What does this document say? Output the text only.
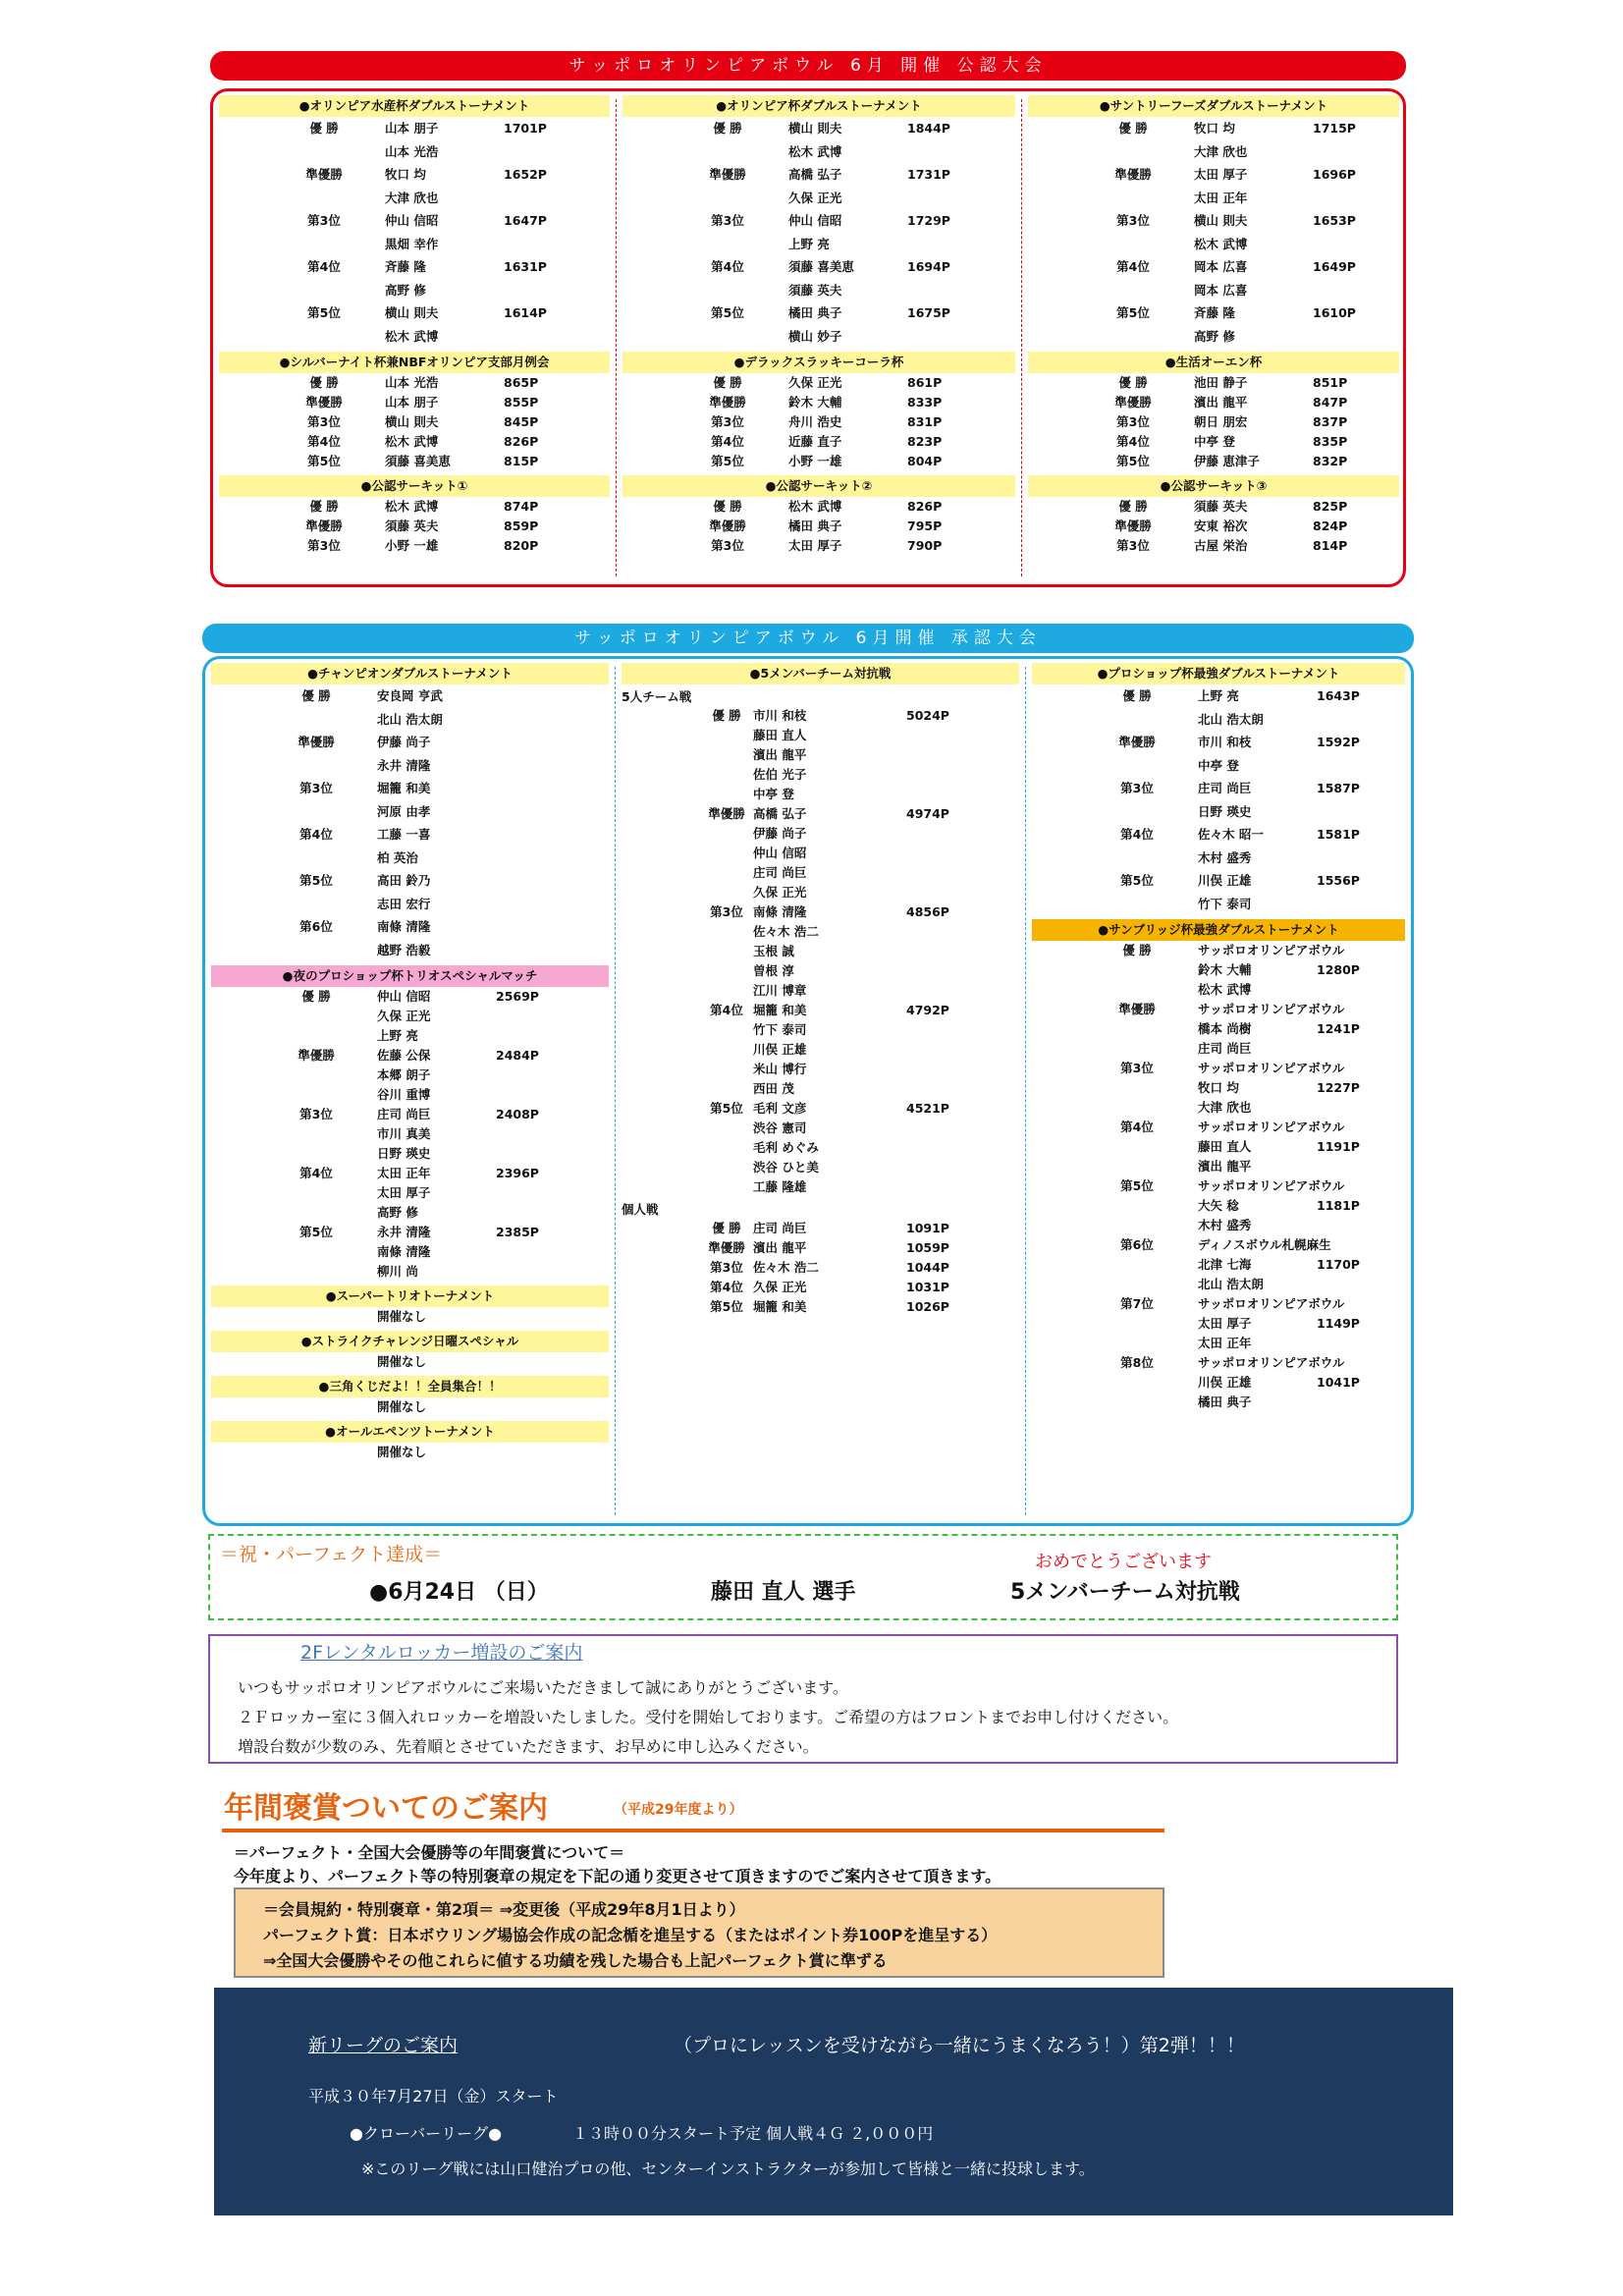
サッポロオリンピアボウル 6月 開催 公認大会
●オリンピア水産杯ダブルストーナメント
優 勝	山本 朋子	1701P
山本 光浩
準優勝	牧口 均	1652P
大津 欣也
第3位	仲山 信昭	1647P
黒畑 幸作
第4位	斉藤 隆	1631P
高野 修
第5位	横山 則夫	1614P
松木 武博
●シルバーナイト杯兼NBFオリンピア支部月例会
優 勝	山本 光浩	865P
準優勝	山本 朋子	855P
第3位	横山 則夫	845P
第4位	松木 武博	826P
第5位	須藤 喜美恵	815P
●公認サーキット①
優 勝	松木 武博	874P
準優勝	須藤 英夫	859P
第3位	小野 一雄	820P
●オリンピア杯ダブルストーナメント
優 勝	横山 則夫	1844P
松木 武博
準優勝	高橋 弘子	1731P
久保 正光
第3位	仲山 信昭	1729P
上野 亮
第4位	須藤 喜美恵	1694P
須藤 英夫
第5位	橘田 典子	1675P
横山 妙子
●デラックスラッキーコーラ杯
優 勝	久保 正光	861P
準優勝	鈴木 大輔	833P
第3位	舟川 浩史	831P
第4位	近藤 直子	823P
第5位	小野 一雄	804P
●公認サーキット②
優 勝	松木 武博	826P
準優勝	橘田 典子	795P
第3位	太田 厚子	790P
●サントリーフーズダブルストーナメント
優 勝	牧口 均	1715P
大津 欣也
準優勝	太田 厚子	1696P
太田 正年
第3位	横山 則夫	1653P
松木 武博
第4位	岡本 広喜	1649P
岡本 広喜
第5位	斉藤 隆	1610P
高野 修
●生活オーエン杯
優 勝	池田 静子	851P
準優勝	濱出 龍平	847P
第3位	朝日 朋宏	837P
第4位	中亭 登	835P
第5位	伊藤 恵津子	832P
●公認サーキット③
優 勝	須藤 英夫	825P
準優勝	安東 裕次	824P
第3位	古屋 栄治	814P
サッポロオリンピアボウル 6月開催 承認大会
●チャンピオンダブルストーナメント
優 勝	安良岡 亨武
北山 浩太朗
準優勝	伊藤 尚子
永井 清隆
第3位	堀籠 和美
河原 由孝
第4位	工藤 一喜
柏 英治
第5位	高田 鈴乃
志田 宏行
第6位	南條 清隆
越野 浩毅
●夜のプロショップ杯トリオスペシャルマッチ
優 勝	仲山 信昭	2569P
久保 正光
上野 亮
準優勝	佐藤 公保	2484P
本郷 朗子
谷川 重博
第3位	庄司 尚巨	2408P
市川 真美
日野 瑛史
第4位	太田 正年	2396P
太田 厚子
高野 修
第5位	永井 清隆	2385P
南條 清隆
柳川 尚
●スーパートリオトーナメント
開催なし
●ストライクチャレンジ日曜スペシャル
開催なし
●三角くじだよ！！全員集合！！
開催なし
●オールエペンツトーナメント
開催なし
●5メンバーチーム対抗戦
5人チーム戦
優 勝 市川 和枝	5024P
藤田 直人
濱出 龍平
佐伯 光子
中亭 登
準優勝 高橋 弘子	4974P
伊藤 尚子
仲山 信昭
庄司 尚巨
久保 正光
第3位 南條 清隆	4856P
佐々木 浩二
玉根 誠
曽根 淳
江川 博章
第4位 堀籠 和美	4792P
竹下 泰司
川俣 正雄
米山 博行
西田 茂
第5位 毛利 文彦	4521P
渋谷 憲司
毛利 めぐみ
渋谷 ひと美
工藤 隆雄
個人戦
優 勝 庄司 尚巨	1091P
準優勝 濱出 龍平	1059P
第3位 佐々木 浩二	1044P
第4位 久保 正光	1031P
第5位 堀籠 和美	1026P
●プロショップ杯最強ダブルストーナメント
優 勝	上野 亮	1643P
北山 浩太朗
準優勝	市川 和枝	1592P
中亭 登
第3位	庄司 尚巨	1587P
日野 瑛史
第4位	佐々木 昭一	1581P
木村 盛秀
第5位	川俣 正雄	1556P
竹下 泰司
●サンブリッジ杯最強ダブルストーナメント
優 勝	サッポロオリンピアボウル
鈴木 大輔	1280P
松木 武博
準優勝	サッポロオリンピアボウル
橋本 尚樹	1241P
庄司 尚巨
第3位	サッポロオリンピアボウル
牧口 均	1227P
大津 欣也
第4位	サッポロオリンピアボウル
藤田 直人	1191P
濱出 龍平
第5位	サッポロオリンピアボウル
大矢 稔	1181P
木村 盛秀
第6位	ディノスボウル札幌麻生
北津 七海	1170P
北山 浩太朗
第7位	サッポロオリンピアボウル
太田 厚子	1149P
太田 正年
第8位	サッポロオリンピアボウル
川俣 正雄	1041P
橘田 典子
＝祝・パーフェクト達成＝	おめでとうございます
●6月24日 （日）	藤田 直人 選手	5メンバーチーム対抗戦
2Fレンタルロッカー増設のご案内
いつもサッポロオリンピアボウルにご来場いただきまして誠にありがとうございます。
２Ｆロッカー室に３個入れロッカーを増設いたしました。受付を開始しております。ご希望の方はフロントまでお申し付けください。
増設台数が少数のみ、先着順とさせていただきます、お早めに申し込みください。
年間褒賞ついてのご案内	（平成29年度より）
＝パーフェクト・全国大会優勝等の年間褒賞について＝
今年度より、パーフェクト等の特別褒章の規定を下記の通り変更させて頂きますのでご案内させて頂きます。
＝会員規約・特別褒章・第2項＝ ⇒変更後（平成29年8月1日より）
パーフェクト賞：日本ボウリング場協会作成の記念楯を進呈する（またはポイント券100Pを進呈する）
⇒全国大会優勝やその他これらに値する功績を残した場合も上記パーフェクト賞に準ずる
新リーグのご案内	（プロにレッスンを受けながら一緒にうまくなろう！）第2弾！！！
平成３０年7月27日（金）スタート
●クローバーリーグ●	１３時００分スタート予定 個人戦４Ｇ ２,０００円
※このリーグ戦には山口健治プロの他、センターインストラクターが参加して皆様と一緒に投球します。
